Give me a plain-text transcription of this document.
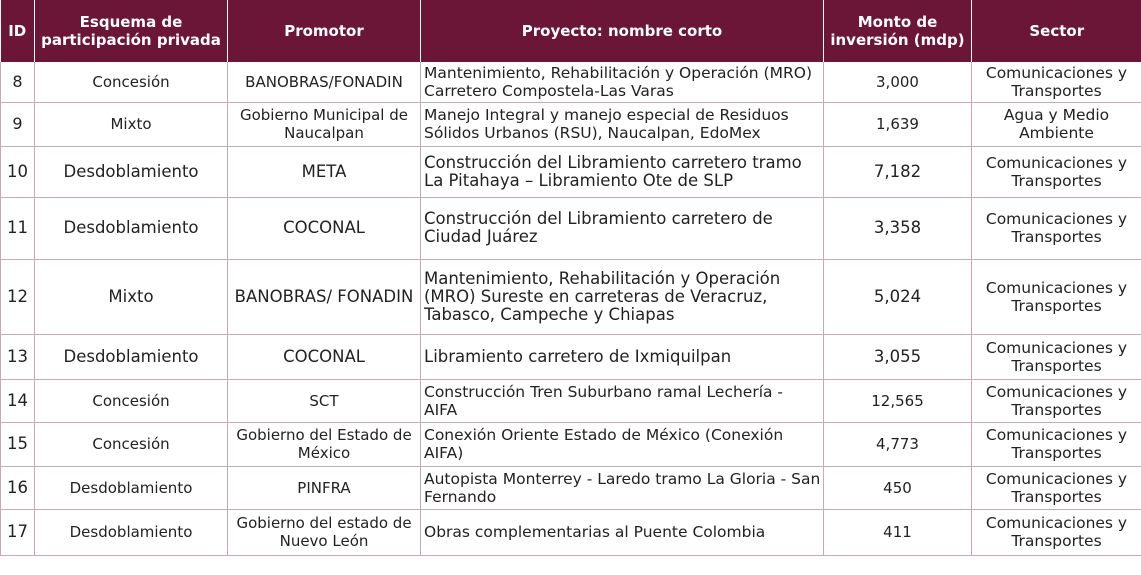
ID	Esquema de participación privada	Promotor	Proyecto: nombre corto	Monto de inversión (mdp)	Sector
8	Concesión	BANOBRAS/FONADIN	Mantenimiento, Rehabilitación y Operación (MRO) Carretero Compostela-Las Varas	3,000	Comunicaciones y Transportes
9	Mixto	Gobierno Municipal de Naucalpan	Manejo Integral y manejo especial de Residuos Sólidos Urbanos (RSU), Naucalpan, EdoMex	1,639	Agua y Medio Ambiente
10	Desdoblamiento	META	Construcción del Libramiento carretero tramo La Pitahaya – Libramiento Ote de SLP	7,182	Comunicaciones y Transportes
11	Desdoblamiento	COCONAL	Construcción del Libramiento carretero de Ciudad Juárez	3,358	Comunicaciones y Transportes
12	Mixto	BANOBRAS/ FONADIN	Mantenimiento, Rehabilitación y Operación (MRO) Sureste en carreteras de Veracruz, Tabasco, Campeche y Chiapas	5,024	Comunicaciones y Transportes
13	Desdoblamiento	COCONAL	Libramiento carretero de Ixmiquilpan	3,055	Comunicaciones y Transportes
14	Concesión	SCT	Construcción Tren Suburbano ramal Lechería - AIFA	12,565	Comunicaciones y Transportes
15	Concesión	Gobierno del Estado de México	Conexión Oriente Estado de México (Conexión AIFA)	4,773	Comunicaciones y Transportes
16	Desdoblamiento	PINFRA	Autopista Monterrey - Laredo tramo La Gloria - San Fernando	450	Comunicaciones y Transportes
17	Desdoblamiento	Gobierno del estado de Nuevo León	Obras complementarias al Puente Colombia	411	Comunicaciones y Transportes
